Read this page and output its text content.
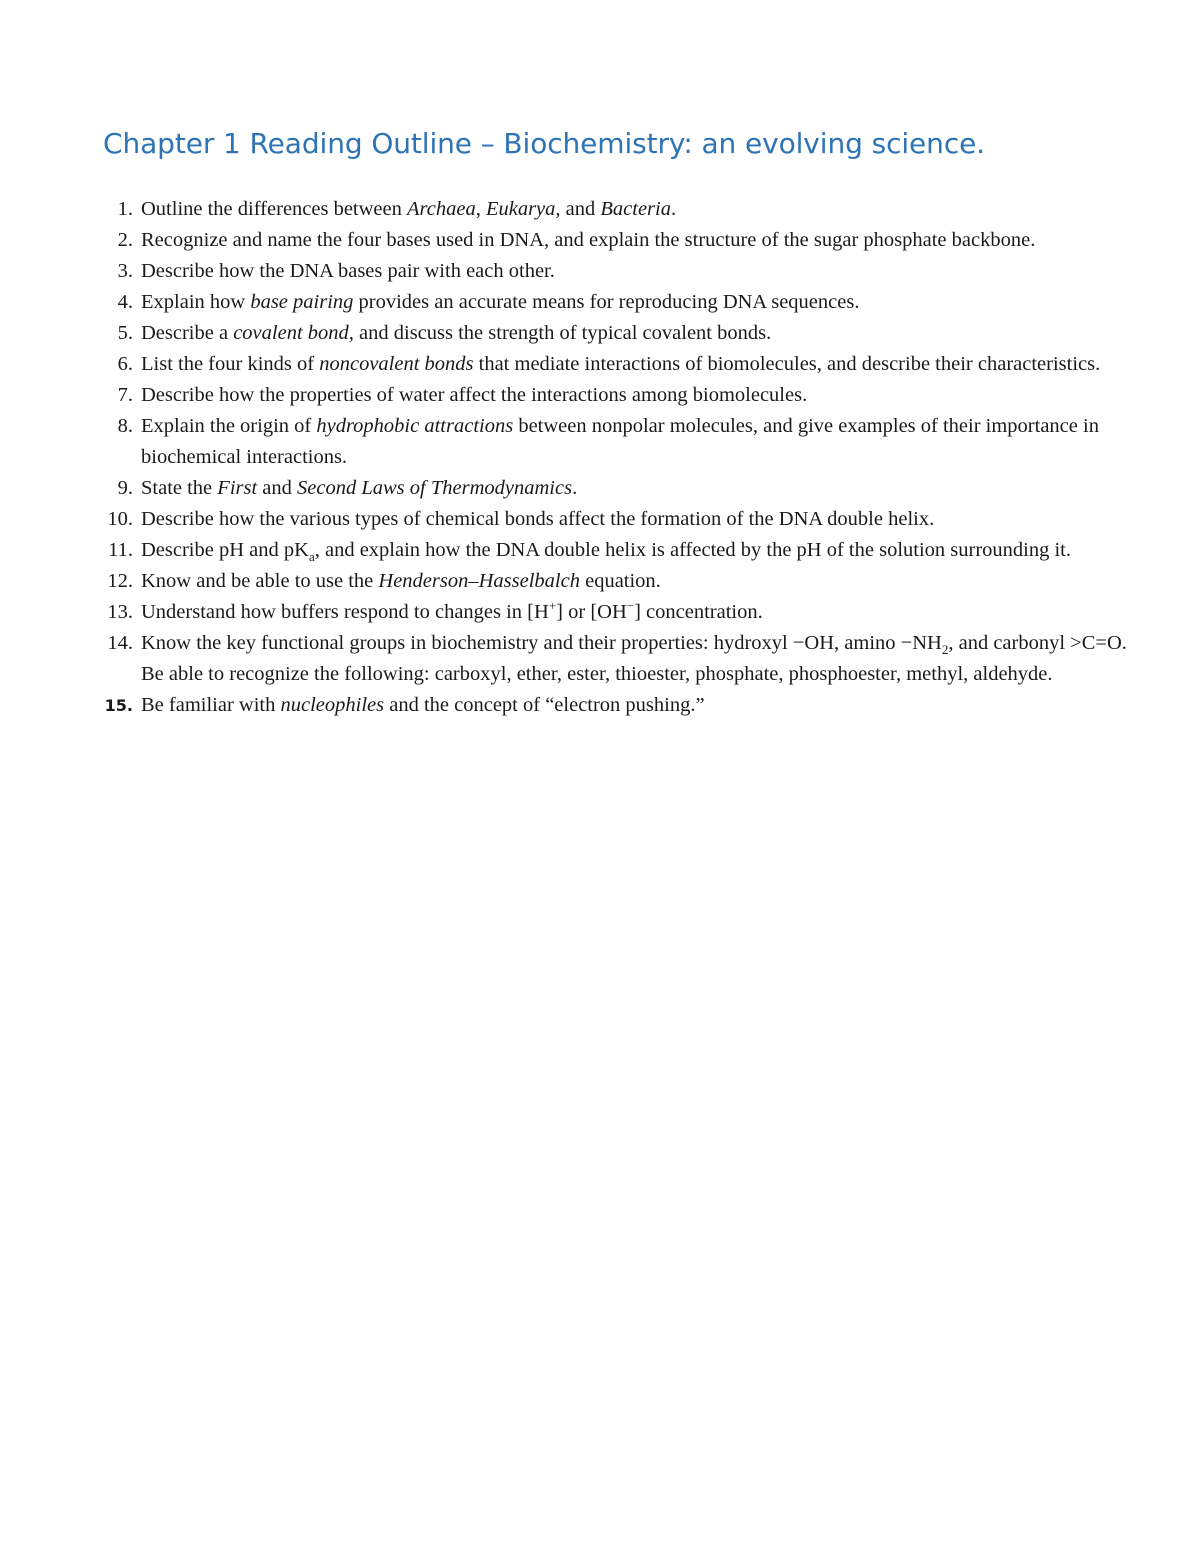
Chapter 1 Reading Outline – Biochemistry: an evolving science.
1. Outline the differences between Archaea, Eukarya, and Bacteria.
2. Recognize and name the four bases used in DNA, and explain the structure of the sugar phosphate backbone.
3. Describe how the DNA bases pair with each other.
4. Explain how base pairing provides an accurate means for reproducing DNA sequences.
5. Describe a covalent bond, and discuss the strength of typical covalent bonds.
6. List the four kinds of noncovalent bonds that mediate interactions of biomolecules, and describe their characteristics.
7. Describe how the properties of water affect the interactions among biomolecules.
8. Explain the origin of hydrophobic attractions between nonpolar molecules, and give examples of their importance in biochemical interactions.
9. State the First and Second Laws of Thermodynamics.
10. Describe how the various types of chemical bonds affect the formation of the DNA double helix.
11. Describe pH and $pK_a$, and explain how the DNA double helix is affected by the pH of the solution surrounding it.
12. Know and be able to use the Henderson–Hasselbalch equation.
13. Understand how buffers respond to changes in [H+] or [OH−] concentration.
14. Know the key functional groups in biochemistry and their properties: hydroxyl −OH, $amino -NH_2$, and carbonyl >C=O. Be able to recognize the following: carboxyl, ether, ester, thioester, phosphate, phosphoester, methyl, aldehyde.
15. Be familiar with nucleophiles and the concept of “electron pushing.”
